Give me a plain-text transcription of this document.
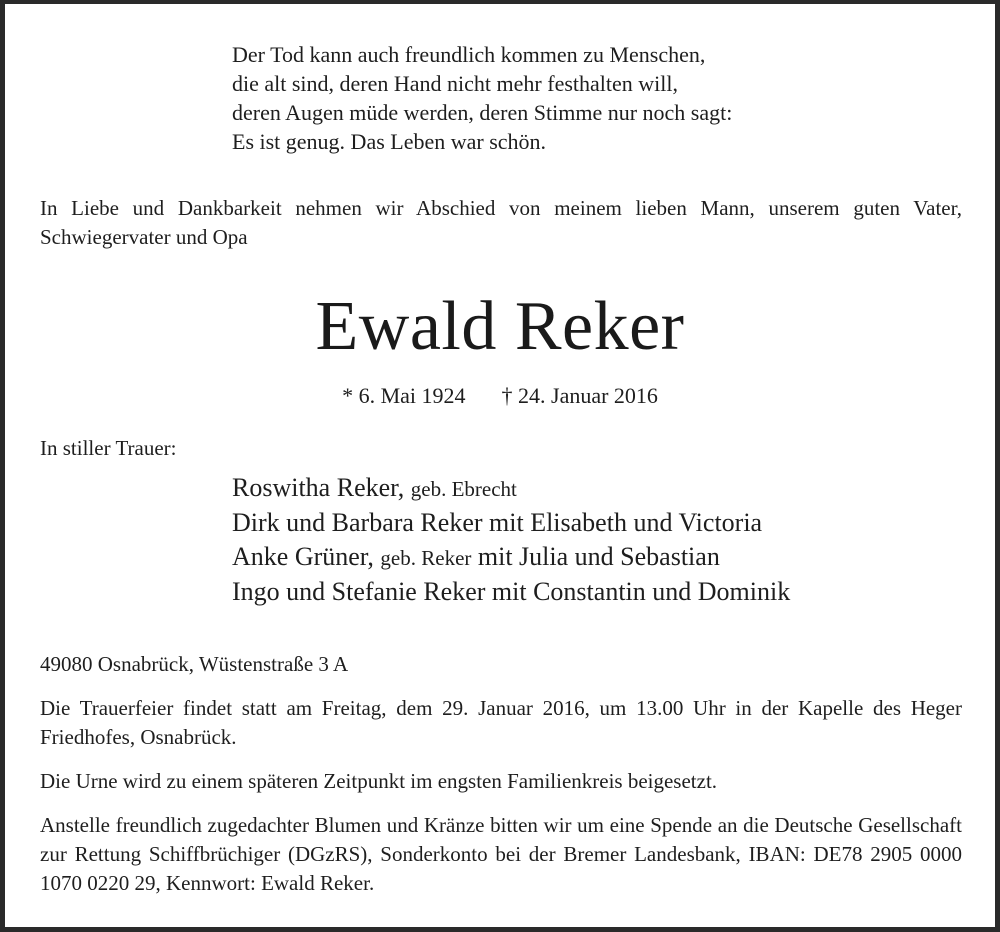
Der Tod kann auch freundlich kommen zu Menschen,
die alt sind, deren Hand nicht mehr festhalten will,
deren Augen müde werden, deren Stimme nur noch sagt:
Es ist genug. Das Leben war schön.
In Liebe und Dankbarkeit nehmen wir Abschied von meinem lieben Mann, unserem guten Vater, Schwiegervater und Opa
Ewald Reker
* 6. Mai 1924 † 24. Januar 2016
In stiller Trauer:
Roswitha Reker, geb. Ebrecht
Dirk und Barbara Reker mit Elisabeth und Victoria
Anke Grüner, geb. Reker mit Julia und Sebastian
Ingo und Stefanie Reker mit Constantin und Dominik
49080 Osnabrück, Wüstenstraße 3 A
Die Trauerfeier findet statt am Freitag, dem 29. Januar 2016, um 13.00 Uhr in der Kapelle des Heger Friedhofes, Osnabrück.
Die Urne wird zu einem späteren Zeitpunkt im engsten Familienkreis beigesetzt.
Anstelle freundlich zugedachter Blumen und Kränze bitten wir um eine Spende an die Deutsche Gesellschaft zur Rettung Schiffbrüchiger (DGzRS), Sonderkonto bei der Bremer Landesbank, IBAN: DE78 2905 0000 1070 0220 29, Kennwort: Ewald Reker.
